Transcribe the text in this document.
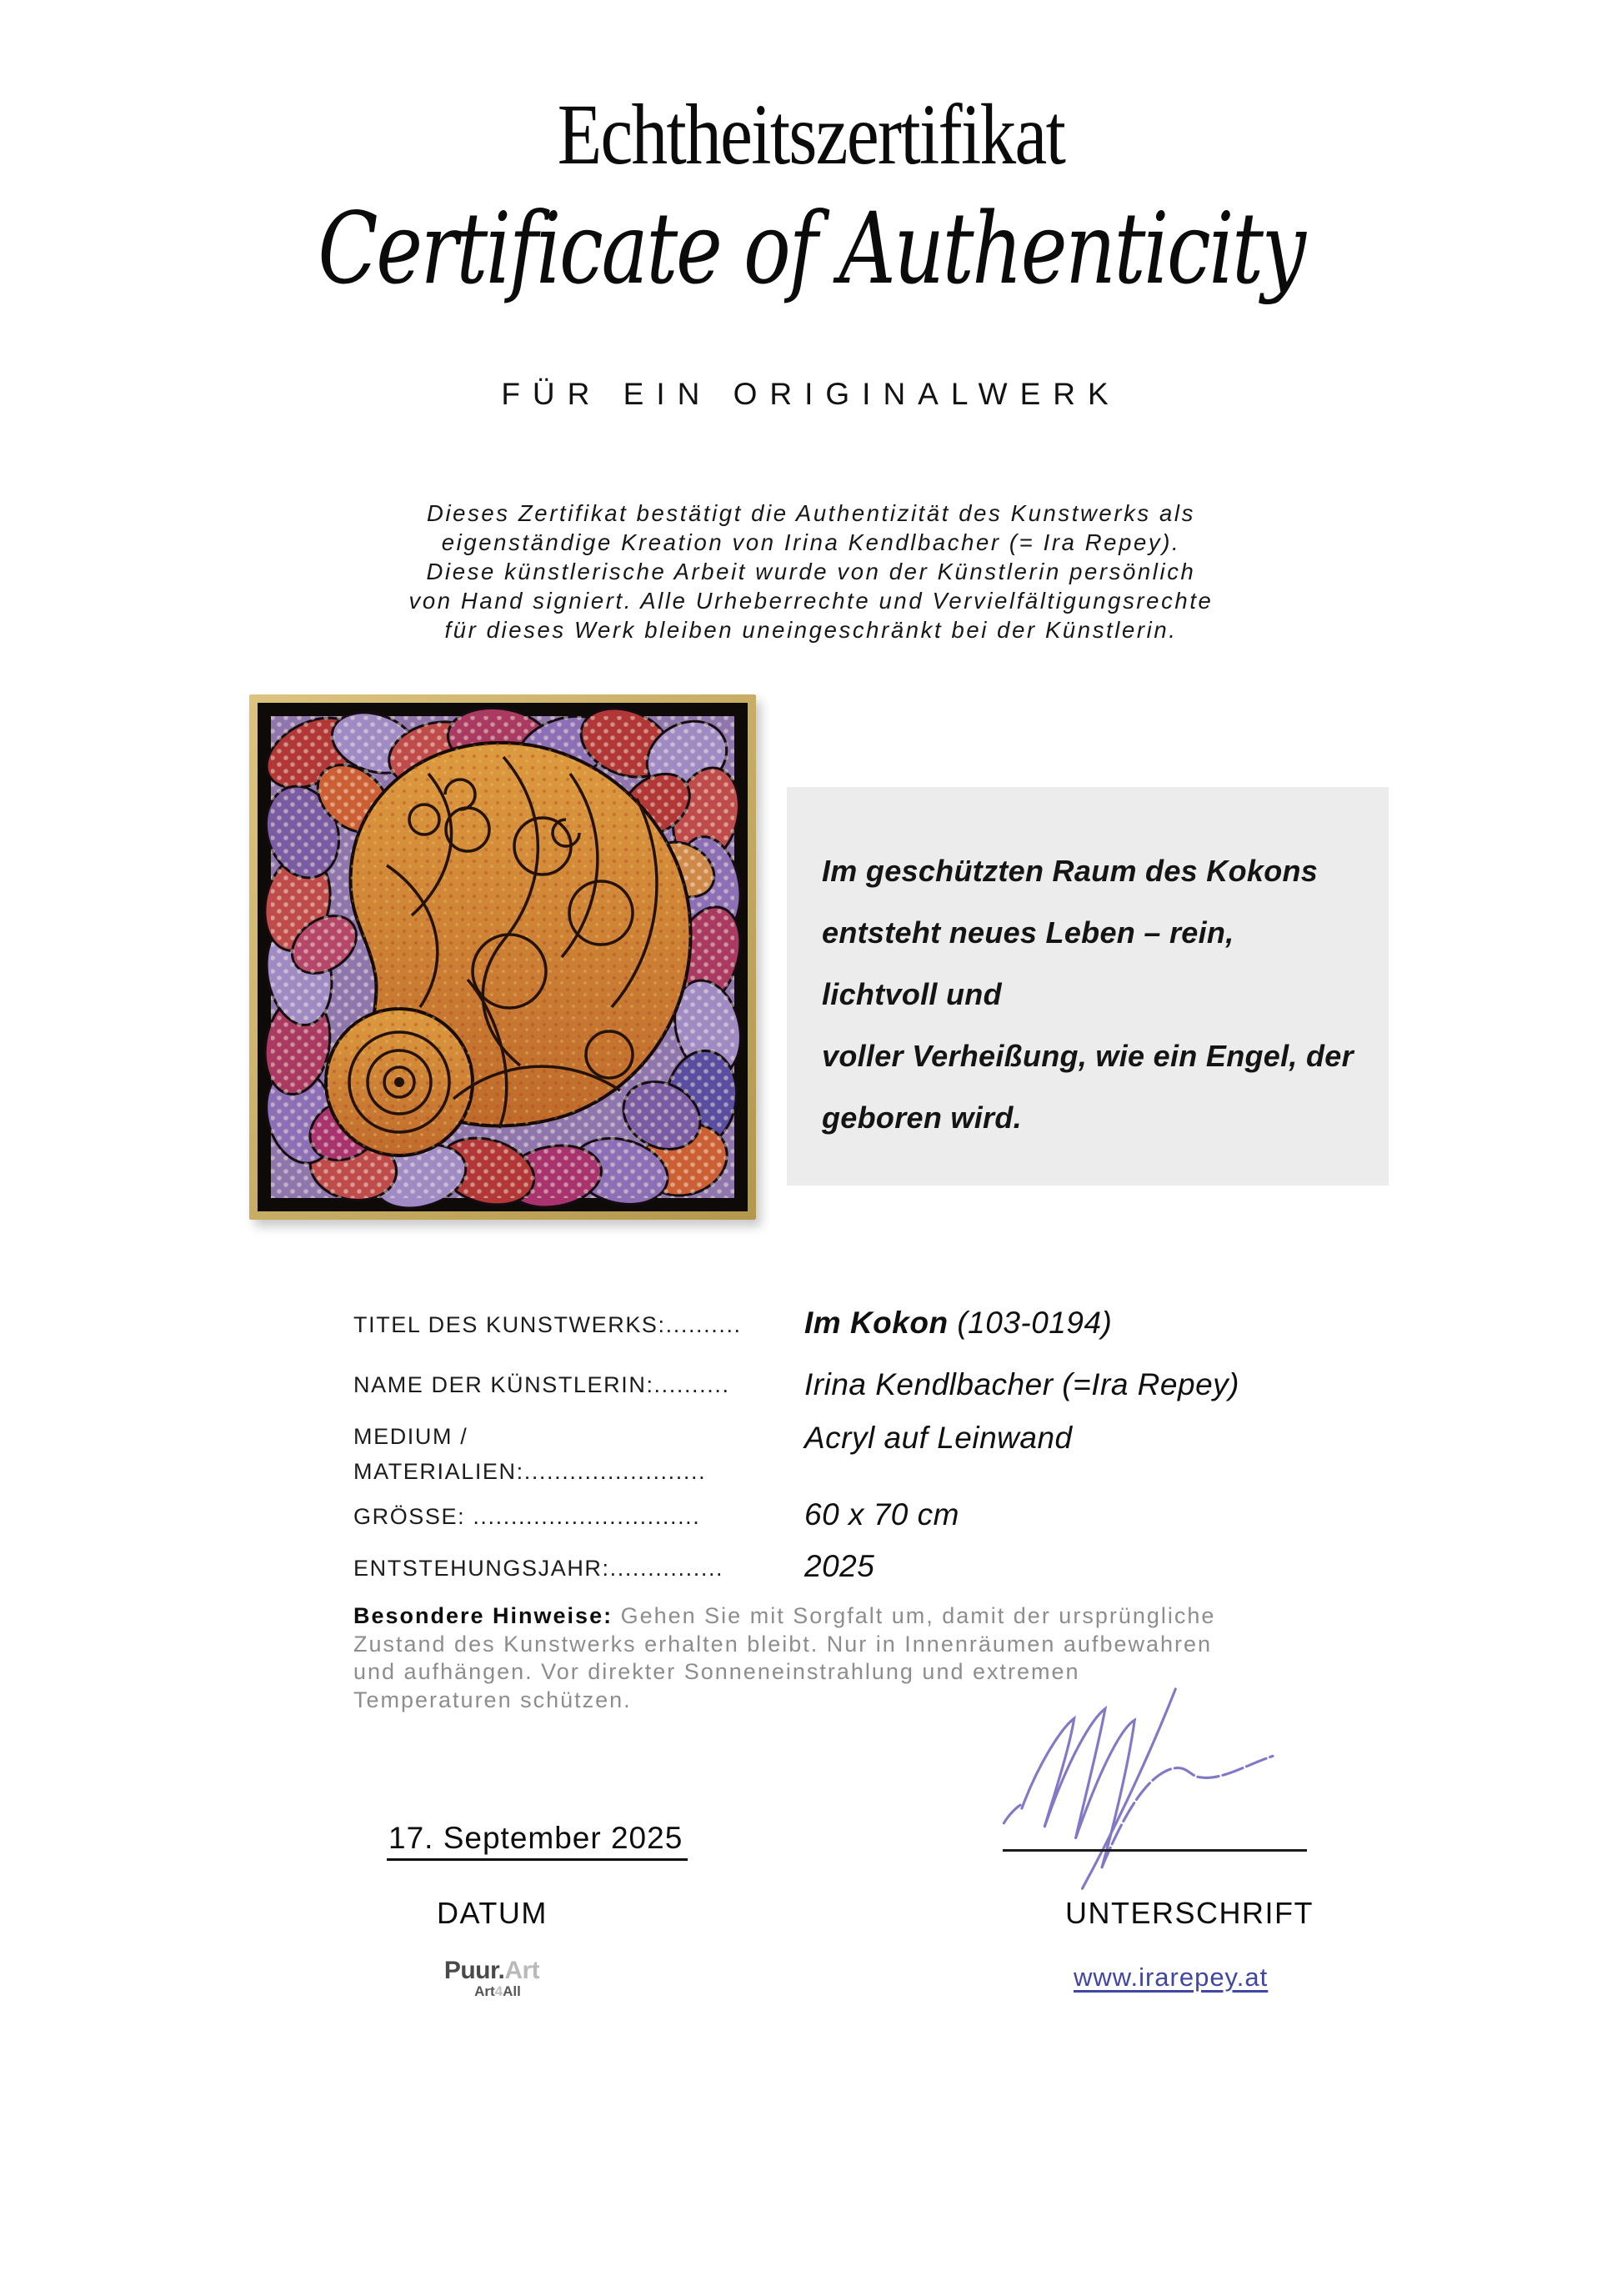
Echtheitszertifikat
Certificate of Authenticity
FÜR EIN ORIGINALWERK
Dieses Zertifikat bestätigt die Authentizität des Kunstwerks als
eigenständige Kreation von Irina Kendlbacher (= Ira Repey).
Diese künstlerische Arbeit wurde von der Künstlerin persönlich
von Hand signiert. Alle Urheberrechte und Vervielfältigungsrechte
für dieses Werk bleiben uneingeschränkt bei der Künstlerin.
Im geschützten Raum des Kokons
entsteht neues Leben – rein, lichtvoll und
voller Verheißung, wie ein Engel, der
geboren wird.
TITEL DES KUNSTWERKS:.......... Im Kokon (103-0194)
NAME DER KÜNSTLERIN:.......... Irina Kendlbacher (=Ira Repey)
MEDIUM /
MATERIALIEN:........................
Acryl auf Leinwand
GRÖSSE: ..............................	60 x 70 cm
ENTSTEHUNGSJAHR:...............	2025
Besondere Hinweise: Gehen Sie mit Sorgfalt um, damit der ursprüngliche
Zustand des Kunstwerks erhalten bleibt. Nur in Innenräumen aufbewahren
und aufhängen. Vor direkter Sonneneinstrahlung und extremen
Temperaturen schützen.
17. September 2025
DATUM	UNTERSCHRIFT
Puur.Art
Art4All	www.irarepey.at
